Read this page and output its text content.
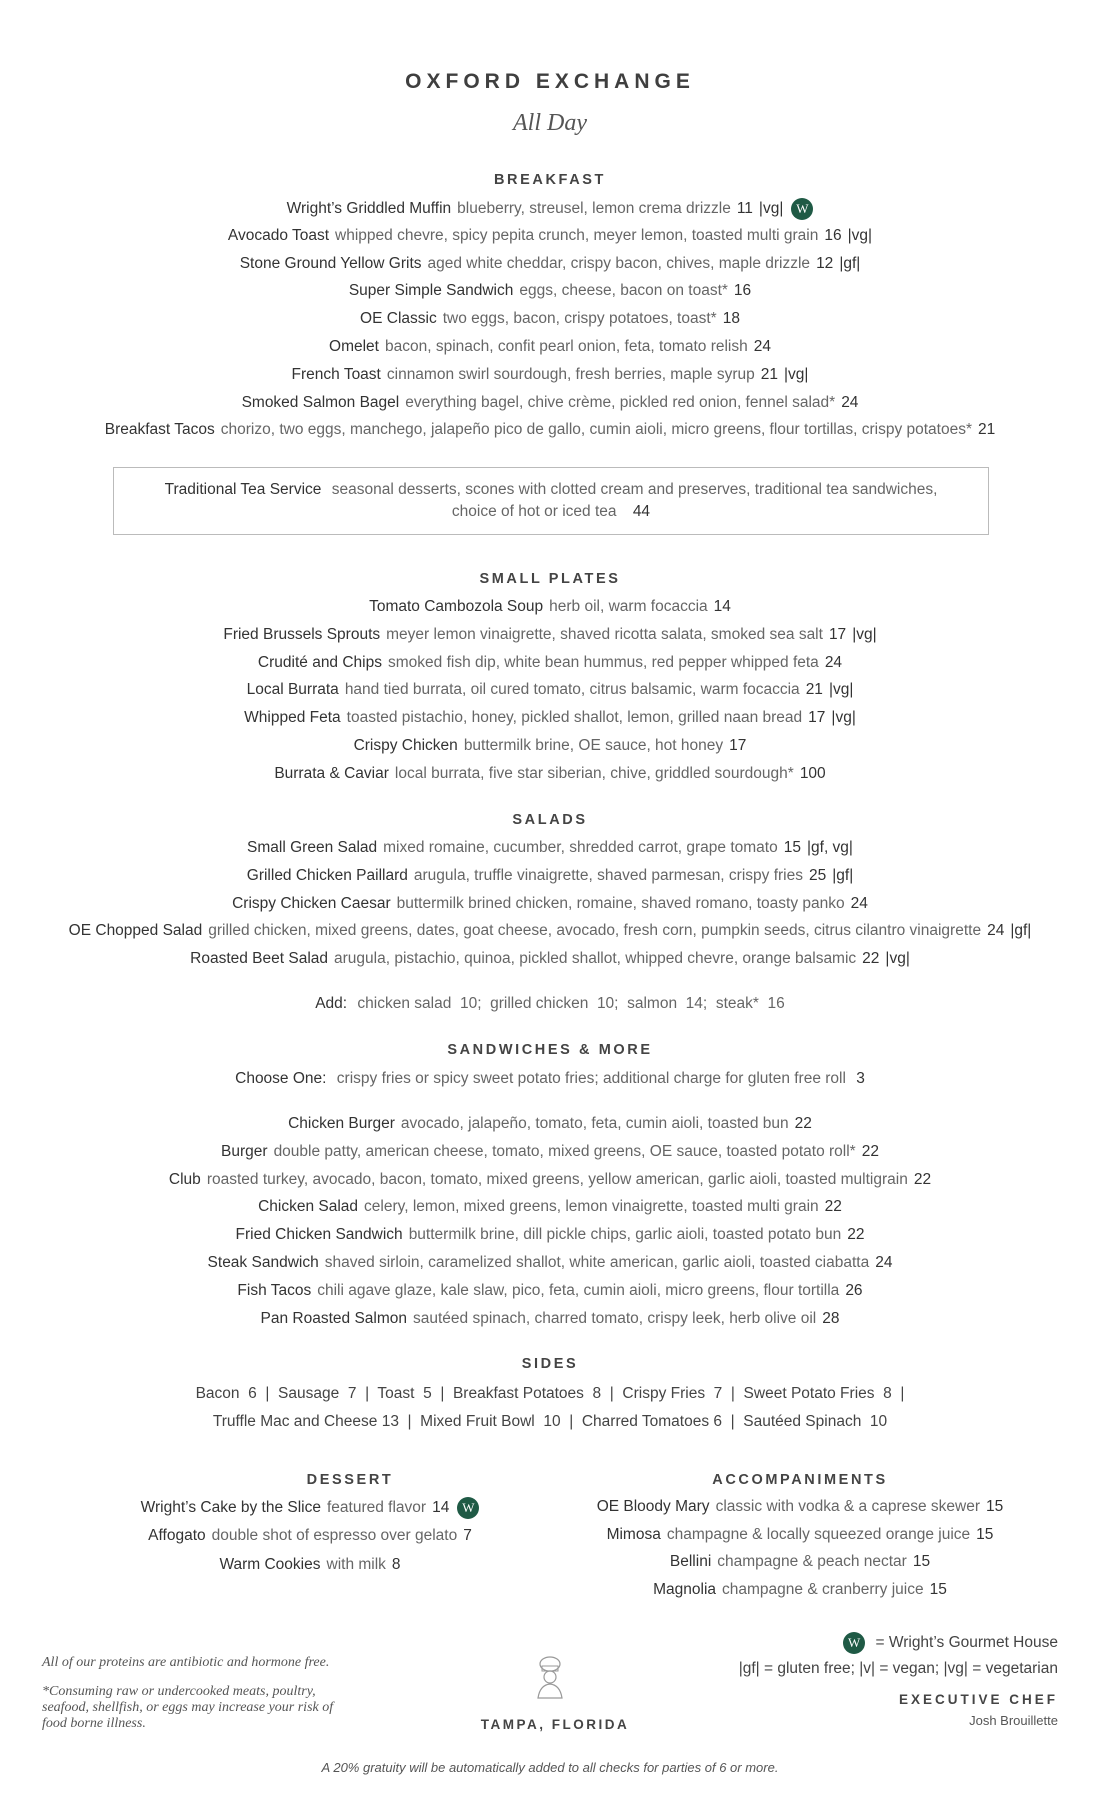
OXFORD EXCHANGE
All Day
BREAKFAST
Wright’s Griddled Muffin blueberry, streusel, lemon crema drizzle 11 |vg| W
Avocado Toast whipped chevre, spicy pepita crunch, meyer lemon, toasted multi grain 16 |vg|
Stone Ground Yellow Grits aged white cheddar, crispy bacon, chives, maple drizzle 12 |gf|
Super Simple Sandwich eggs, cheese, bacon on toast* 16
OE Classic two eggs, bacon, crispy potatoes, toast* 18
Omelet bacon, spinach, confit pearl onion, feta, tomato relish 24
French Toast cinnamon swirl sourdough, fresh berries, maple syrup 21 |vg|
Smoked Salmon Bagel everything bagel, chive crème, pickled red onion, fennel salad* 24
Breakfast Tacos chorizo, two eggs, manchego, jalapeño pico de gallo, cumin aioli, micro greens, flour tortillas, crispy potatoes* 21
Traditional Tea Service seasonal desserts, scones with clotted cream and preserves, traditional tea sandwiches,
choice of hot or iced tea 44
SMALL PLATES
Tomato Cambozola Soup herb oil, warm focaccia 14
Fried Brussels Sprouts meyer lemon vinaigrette, shaved ricotta salata, smoked sea salt 17 |vg|
Crudité and Chips smoked fish dip, white bean hummus, red pepper whipped feta 24
Local Burrata hand tied burrata, oil cured tomato, citrus balsamic, warm focaccia 21 |vg|
Whipped Feta toasted pistachio, honey, pickled shallot, lemon, grilled naan bread 17 |vg|
Crispy Chicken buttermilk brine, OE sauce, hot honey 17
Burrata & Caviar local burrata, five star siberian, chive, griddled sourdough* 100
SALADS
Small Green Salad mixed romaine, cucumber, shredded carrot, grape tomato 15 |gf, vg|
Grilled Chicken Paillard arugula, truffle vinaigrette, shaved parmesan, crispy fries 25 |gf|
Crispy Chicken Caesar buttermilk brined chicken, romaine, shaved romano, toasty panko 24
OE Chopped Salad grilled chicken, mixed greens, dates, goat cheese, avocado, fresh corn, pumpkin seeds, citrus cilantro vinaigrette 24 |gf|
Roasted Beet Salad arugula, pistachio, quinoa, pickled shallot, whipped chevre, orange balsamic 22 |vg|
Add: chicken salad  10;  grilled chicken  10;  salmon  14;  steak*  16
SANDWICHES & MORE
Choose One: crispy fries or spicy sweet potato fries; additional charge for gluten free roll 3
Chicken Burger avocado, jalapeño, tomato, feta, cumin aioli, toasted bun 22
Burger double patty, american cheese, tomato, mixed greens, OE sauce, toasted potato roll* 22
Club roasted turkey, avocado, bacon, tomato, mixed greens, yellow american, garlic aioli, toasted multigrain 22
Chicken Salad celery, lemon, mixed greens, lemon vinaigrette, toasted multi grain 22
Fried Chicken Sandwich buttermilk brine, dill pickle chips, garlic aioli, toasted potato bun 22
Steak Sandwich shaved sirloin, caramelized shallot, white american, garlic aioli, toasted ciabatta 24
Fish Tacos chili agave glaze, kale slaw, pico, feta, cumin aioli, micro greens, flour tortilla 26
Pan Roasted Salmon sautéed spinach, charred tomato, crispy leek, herb olive oil 28
SIDES
Bacon  6  |  Sausage  7  |  Toast  5  |  Breakfast Potatoes  8  |  Crispy Fries  7  |  Sweet Potato Fries  8  |
Truffle Mac and Cheese 13  |  Mixed Fruit Bowl  10  |  Charred Tomatoes 6  |  Sautéed Spinach  10
DESSERT
Wright’s Cake by the Slice featured flavor 14 W
Affogato double shot of espresso over gelato 7
Warm Cookies with milk 8
ACCOMPANIMENTS
OE Bloody Mary classic with vodka & a caprese skewer 15
Mimosa champagne & locally squeezed orange juice 15
Bellini champagne & peach nectar 15
Magnolia champagne & cranberry juice 15
All of our proteins are antibiotic and hormone free.
*Consuming raw or undercooked meats, poultry,
seafood, shellfish, or eggs may increase your risk of
food borne illness.	TAMPA, FLORIDA
W = Wright’s Gourmet House
|gf| = gluten free; |v| = vegan; |vg| = vegetarian
EXECUTIVE CHEF
Josh Brouillette
A 20% gratuity will be automatically added to all checks for parties of 6 or more.
